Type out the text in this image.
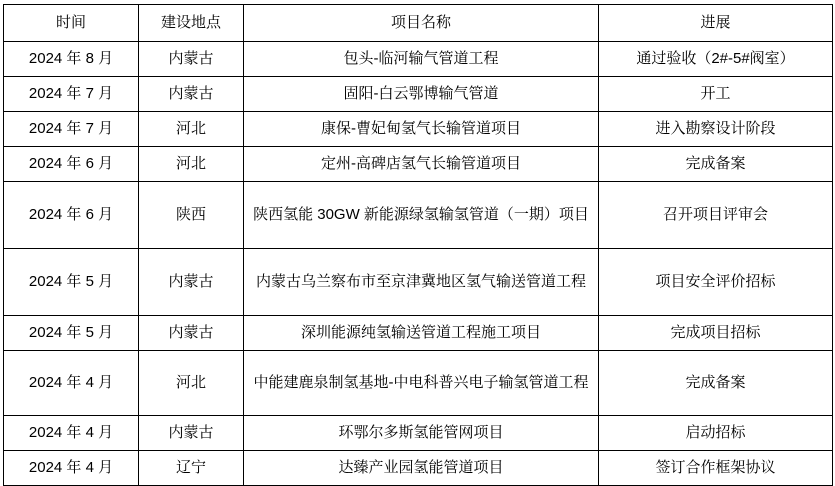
时间	建设地点	项目名称	进展
2024 年 8 月	内蒙古	包头-临河输气管道工程	通过验收（2#-5#阀室）
2024 年 7 月	内蒙古	固阳-白云鄂博输气管道	开工
2024 年 7 月	河北	康保-曹妃甸氢气长输管道项目	进入勘察设计阶段
2024 年 6 月	河北	定州-高碑店氢气长输管道项目	完成备案
2024 年 6 月	陕西	陕西氢能 30GW 新能源绿氢输氢管道（一期）项目	召开项目评审会
2024 年 5 月	内蒙古	内蒙古乌兰察布市至京津冀地区氢气输送管道工程	项目安全评价招标
2024 年 5 月	内蒙古	深圳能源纯氢输送管道工程施工项目	完成项目招标
2024 年 4 月	河北	中能建鹿泉制氢基地-中电科普兴电子输氢管道工程	完成备案
2024 年 4 月	内蒙古	环鄂尔多斯氢能管网项目	启动招标
2024 年 4 月	辽宁	达臻产业园氢能管道项目	签订合作框架协议
